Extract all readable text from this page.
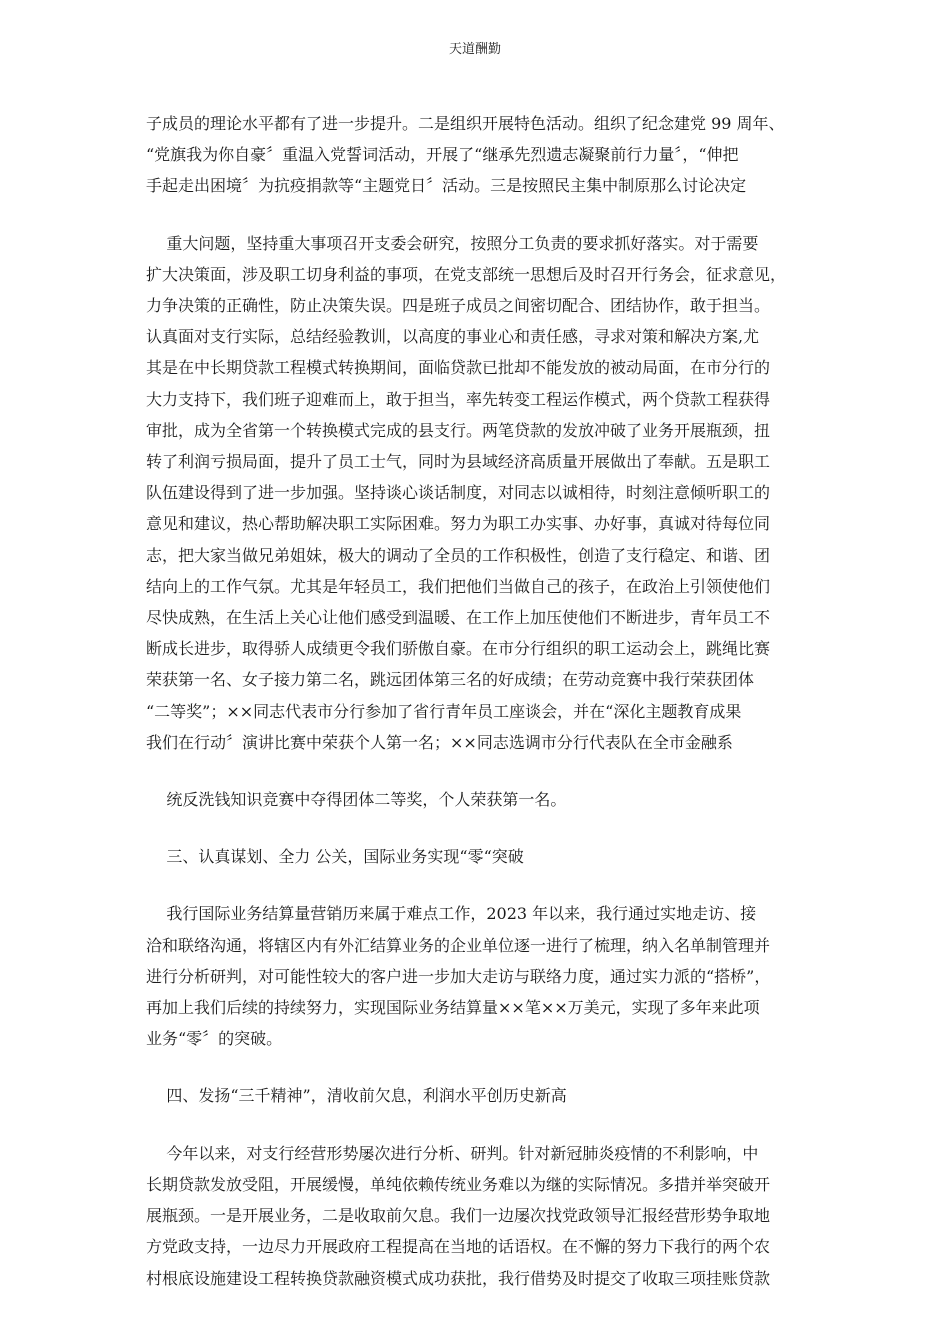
天道酬勤

子成员的理论水平都有了进一步提升。二是组织开展特色活动。组织了纪念建党 99 周年、

“党旗我为你自豪〞重温入党誓词活动，开展了“继承先烈遗志凝聚前行力量〞，“伸把

手起走出困境〞为抗疫捐款等“主题党日〞活动。三是按照民主集中制原那么讨论决定

重大问题，坚持重大事项召开支委会研究，按照分工负责的要求抓好落实。对于需要

扩大决策面，涉及职工切身利益的事项，在党支部统一思想后及时召开行务会，征求意见，

力争决策的正确性，防止决策失误。四是班子成员之间密切配合、团结协作，敢于担当。

认真面对支行实际，总结经验教训，以高度的事业心和责任感，寻求对策和解决方案,尤

其是在中长期贷款工程模式转换期间，面临贷款已批却不能发放的被动局面，在市分行的

大力支持下，我们班子迎难而上，敢于担当，率先转变工程运作模式，两个贷款工程获得

审批，成为全省第一个转换模式完成的县支行。两笔贷款的发放冲破了业务开展瓶颈，扭

转了利润亏损局面，提升了员工士气，同时为县域经济高质量开展做出了奉献。五是职工

队伍建设得到了进一步加强。坚持谈心谈话制度，对同志以诚相待，时刻注意倾听职工的

意见和建议，热心帮助解决职工实际困难。努力为职工办实事、办好事，真诚对待每位同

志，把大家当做兄弟姐妹，极大的调动了全员的工作积极性，创造了支行稳定、和谐、团

结向上的工作气氛。尤其是年轻员工，我们把他们当做自己的孩子，在政治上引领使他们

尽快成熟，在生活上关心让他们感受到温暖、在工作上加压使他们不断进步，青年员工不

断成长进步，取得骄人成绩更令我们骄傲自豪。在市分行组织的职工运动会上，跳绳比赛

荣获第一名、女子接力第二名，跳远团体第三名的好成绩；在劳动竞赛中我行荣获团体

“二等奖”；××同志代表市分行参加了省行青年员工座谈会，并在“深化主题教育成果

我们在行动〞演讲比赛中荣获个人第一名；××同志选调市分行代表队在全市金融系

统反洗钱知识竞赛中夺得团体二等奖，个人荣获第一名。

三、认真谋划、全力 公关，国际业务实现“零“突破

我行国际业务结算量营销历来属于难点工作，2023 年以来，我行通过实地走访、接

洽和联络沟通，将辖区内有外汇结算业务的企业单位逐一进行了梳理，纳入名单制管理并

进行分析研判，对可能性较大的客户进一步加大走访与联络力度，通过实力派的“搭桥”，

再加上我们后续的持续努力，实现国际业务结算量××笔××万美元，实现了多年来此项

业务“零〞的突破。

四、发扬“三千精神”，清收前欠息，利润水平创历史新高

今年以来，对支行经营形势屡次进行分析、研判。针对新冠肺炎疫情的不利影响，中

长期贷款发放受阻，开展缓慢，单纯依赖传统业务难以为继的实际情况。多措并举突破开

展瓶颈。一是开展业务，二是收取前欠息。我们一边屡次找党政领导汇报经营形势争取地

方党政支持，一边尽力开展政府工程提高在当地的话语权。在不懈的努力下我行的两个农

村根底设施建设工程转换贷款融资模式成功获批，我行借势及时提交了收取三项挂账贷款
